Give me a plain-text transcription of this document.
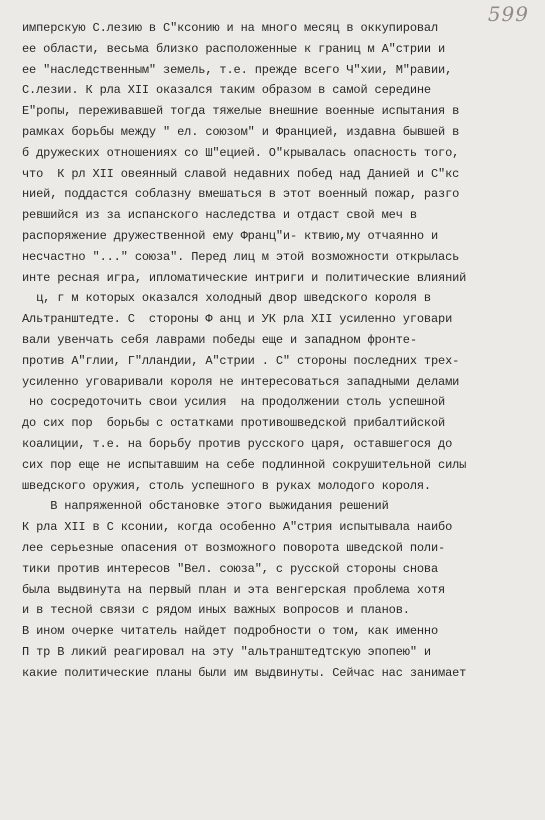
599
имперскую С.лезию в С"ксонию и на много месяц в оккупировал
ее области, весьма близко расположенные к границ м А"стрии и
ее "наследственным" земель, т.е. прежде всего Ч"хии, М"равии,
С.лезии. К рла XII оказался таким образом в самой середине
Е"ропы, переживавшей тогда тяжелые внешние военные испытания в
рамках борьбы между " ел. союзом" и Францией, издавна бывшей в
б дружеских отношениях со Ш"ецией. О"крывалась опасность того,
что  К рл XII овеянный славой недавних побед над Данией и С"кс
нией, поддастся соблазну вмешаться в этот военный пожар, разго
ревшийся из за испанского наследства и отдаст свой меч в
распоряжение дружественной ему Франц"и- ктвию,му отчаянно и
несчастно "..." союза". Перед лиц м этой возможности открылась
инте ресная игра, ипломатические интриги и политические влияний
ц, г м которых оказался холодный двор шведского короля в
Альтранштедте. С  стороны Ф анц и УК рла XII усиленно уговари
вали увенчать себя лаврами победы еще и западном фронте-
против А"глии, Г"лландии, А"стрии . С" стороны последних трех-
усиленно уговаривали короля не интересоваться западными делами
но сосредоточить свои усилия  на продолжении столь успешной
до сих пор  борьбы с остатками противошведской прибалтийской
коалиции, т.е. на борьбу против русского царя, оставшегося до
сих пор еще не испытавшим на себе подлинной сокрушительной силы
шведского оружия, столь успешного в руках молодого короля.
В напряженной обстановке этого выжидания решений
К рла XII в С ксонии, когда особенно А"стрия испытывала наибо
лее серьезные опасения от возможного поворота шведской поли-
тики против интересов "Вел. союза", с русской стороны снова
была выдвинута на первый план и эта венгерская проблема хотя
и в тесной связи с рядом иных важных вопросов и планов.
В ином очерке читатель найдет подробности о том, как именно
П тр В ликий реагировал на эту "альтранштедтскую эпопею" и
какие политические планы были им выдвинуты. Сейчас нас занимает
